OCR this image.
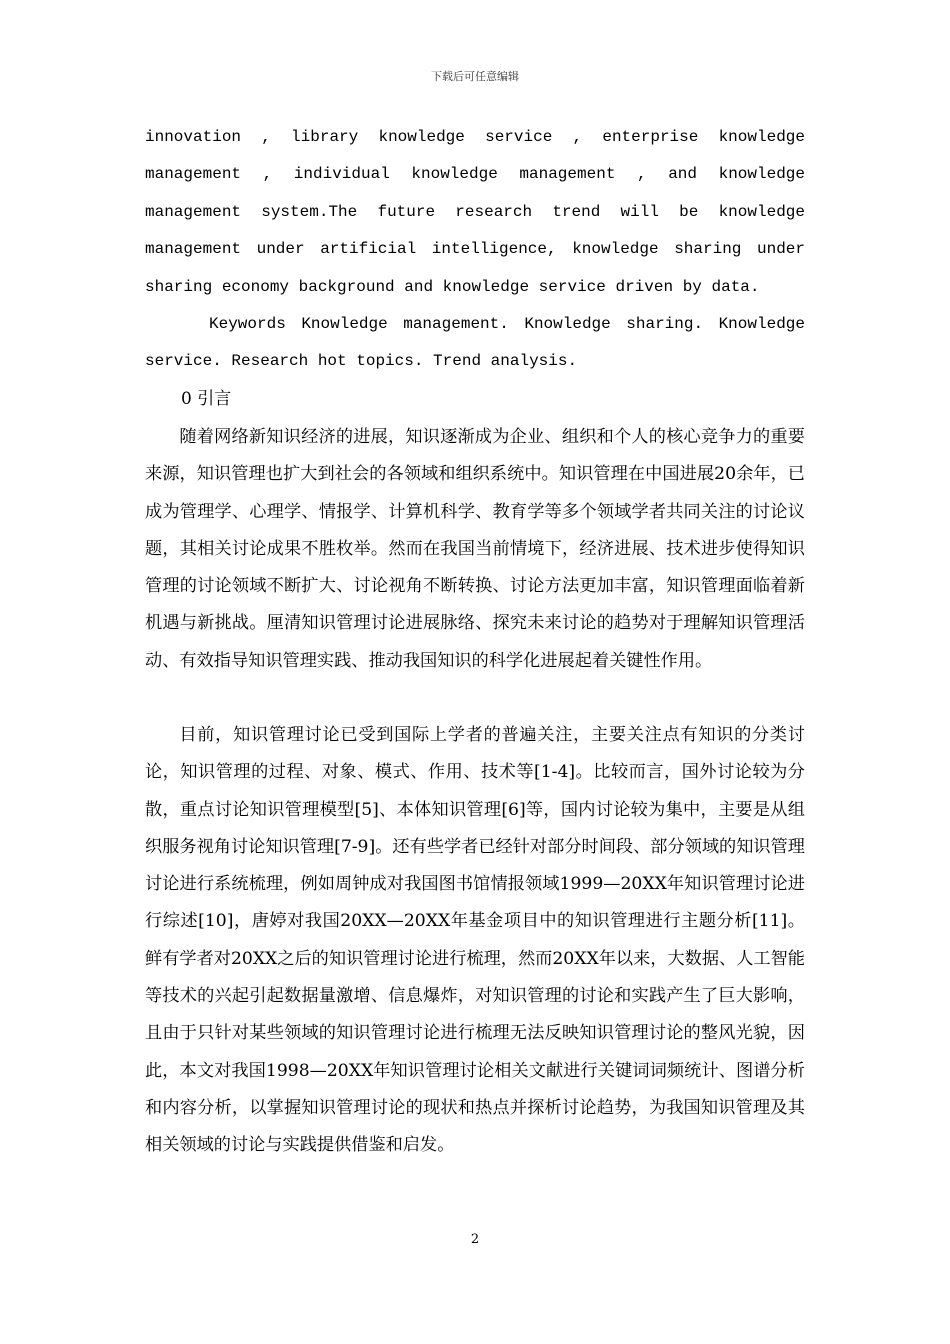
下载后可任意编辑

innovation , library knowledge service , enterprise knowledge

management , individual knowledge management , and knowledge

management system.The future research trend will be knowledge

management under artificial intelligence, knowledge sharing under

sharing economy background and knowledge service driven by data.

Keywords Knowledge management. Knowledge sharing. Knowledge service. Research hot topics. Trend analysis.

0 引言

随着网络新知识经济的进展，知识逐渐成为企业、组织和个人的核心竞争力的重要来源，知识管理也扩大到社会的各领域和组织系统中。知识管理在中国进展20余年，已成为管理学、心理学、情报学、计算机科学、教育学等多个领域学者共同关注的讨论议题，其相关讨论成果不胜枚举。然而在我国当前情境下，经济进展、技术进步使得知识管理的讨论领域不断扩大、讨论视角不断转换、讨论方法更加丰富，知识管理面临着新机遇与新挑战。厘清知识管理讨论进展脉络、探究未来讨论的趋势对于理解知识管理活动、有效指导知识管理实践、推动我国知识的科学化进展起着关键性作用。

目前，知识管理讨论已受到国际上学者的普遍关注，主要关注点有知识的分类讨论，知识管理的过程、对象、模式、作用、技术等[1-4]。比较而言，国外讨论较为分散，重点讨论知识管理模型[5]、本体知识管理[6]等，国内讨论较为集中，主要是从组织服务视角讨论知识管理[7-9]。还有些学者已经针对部分时间段、部分领域的知识管理讨论进行系统梳理，例如周钟成对我国图书馆情报领域1999—20XX年知识管理讨论进行综述[10]，唐婷对我国20XX—20XX年基金项目中的知识管理进行主题分析[11]。鲜有学者对20XX之后的知识管理讨论进行梳理，然而20XX年以来，大数据、人工智能等技术的兴起引起数据量激增、信息爆炸，对知识管理的讨论和实践产生了巨大影响，且由于只针对某些领域的知识管理讨论进行梳理无法反映知识管理讨论的整风光貌，因此，本文对我国1998—20XX年知识管理讨论相关文献进行关键词词频统计、图谱分析和内容分析，以掌握知识管理讨论的现状和热点并探析讨论趋势，为我国知识管理及其相关领域的讨论与实践提供借鉴和启发。

2
